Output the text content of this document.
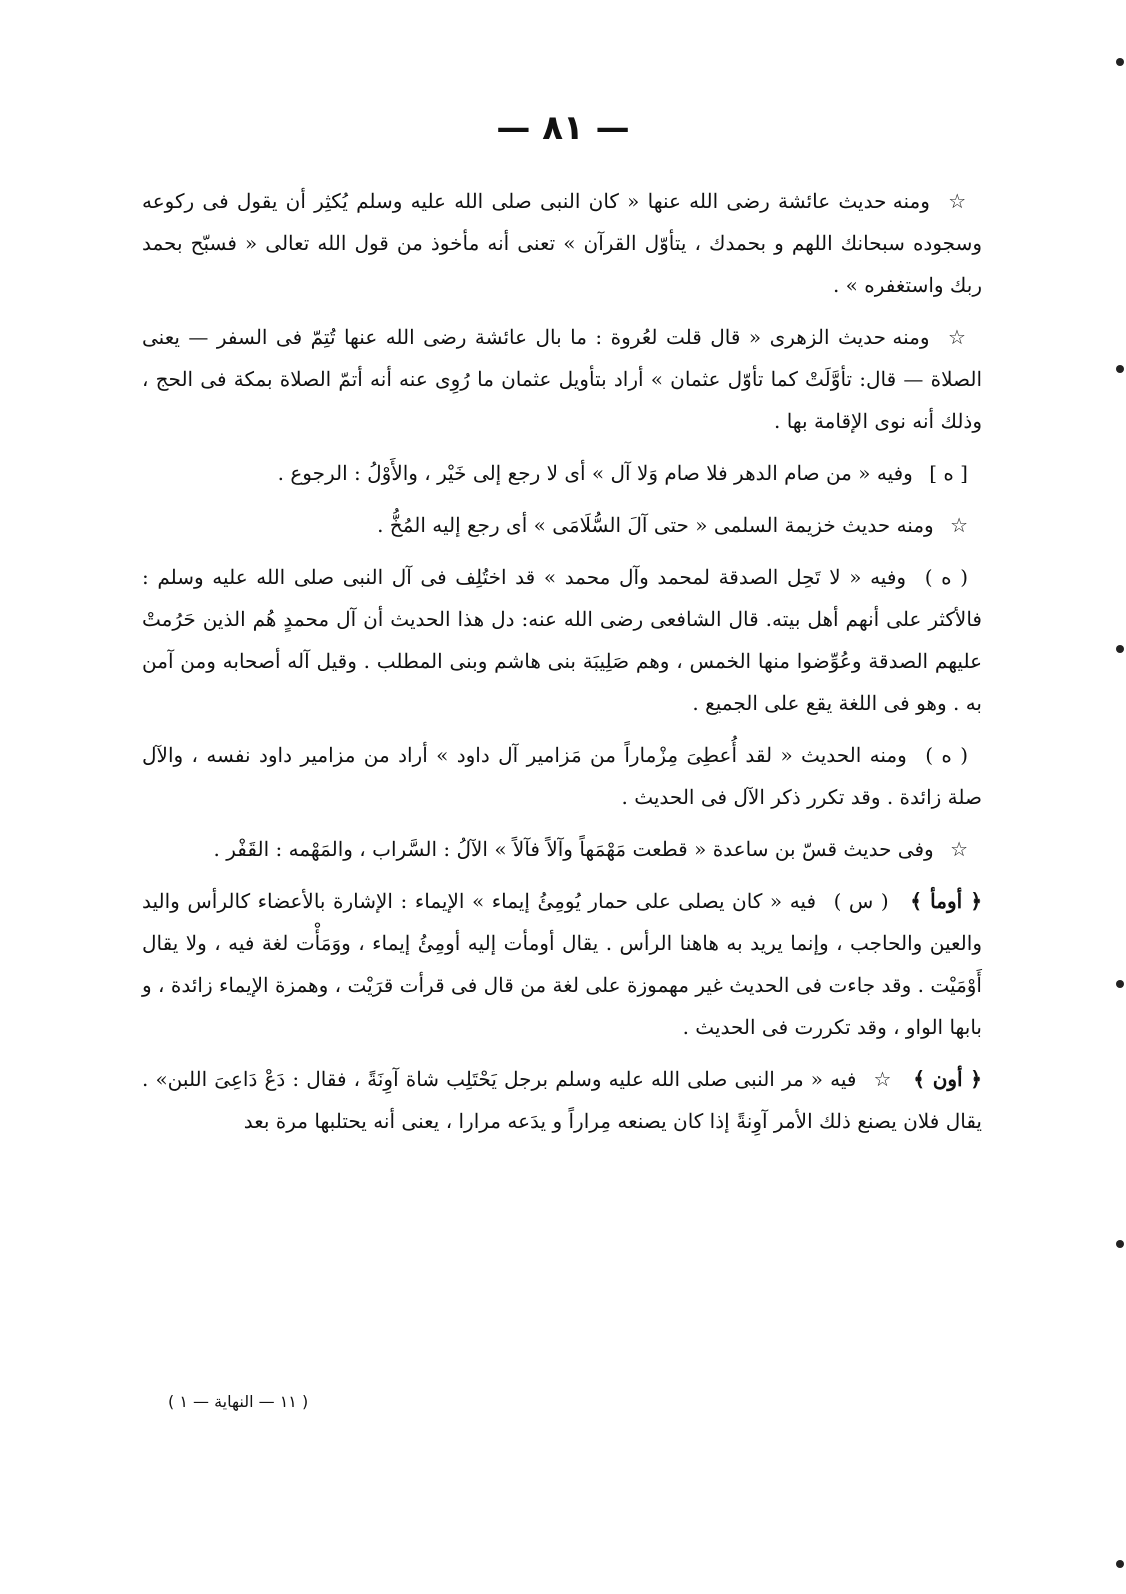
— ٨١ —

☆ ومنه حديث عائشة رضى الله عنها « كان النبى صلى الله عليه وسلم يُكثِر أن يقول فى ركوعه وسجوده سبحانك اللهم و بحمدك ، يتأوّل القرآن » تعنى أنه مأخوذ من قول الله تعالى « فسبّح بحمد ربك واستغفره » .

☆ ومنه حديث الزهرى « قال قلت لعُروة : ما بال عائشة رضى الله عنها تُتِمّ فى السفر — يعنى الصلاة — قال: تأوَّلَتْ كما تأوّل عثمان » أراد بتأويل عثمان ما رُوِى عنه أنه أتمّ الصلاة بمكة فى الحج ، وذلك أنه نوى الإقامة بها .

[ ه ] وفيه « من صام الدهر فلا صام وَلا آل » أى لا رجع إلى خَيْر ، والأَوْلُ : الرجوع .

☆ ومنه حديث خزيمة السلمى « حتى آلَ السُّلَامَى » أى رجع إليه المُخُّ .

( ه ) وفيه « لا تَحِل الصدقة لمحمد وآل محمد » قد اختُلِف فى آل النبى صلى الله عليه وسلم : فالأكثر على أنهم أهل بيته. قال الشافعى رضى الله عنه: دل هذا الحديث أن آل محمدٍ هُم الذين حَرُمتْ عليهم الصدقة وعُوِّضوا منها الخمس ، وهم صَلِيبَة بنى هاشم وبنى المطلب . وقيل آله أصحابه ومن آمن به . وهو فى اللغة يقع على الجميع .

( ه ) ومنه الحديث « لقد أُعطِىَ مِزْماراً من مَزامير آل داود » أراد من مزامير داود نفسه ، والآل صلة زائدة . وقد تكرر ذكر الآل فى الحديث .

☆ وفى حديث قسّ بن ساعدة « قطعت مَهْمَهاً وآلاً فآلاً » الآلُ : السَّراب ، والمَهْمه : القَفْر .

﴿ أومأ ﴾ ( س ) فيه « كان يصلى على حمار يُومِئُ إيماء » الإيماء : الإشارة بالأعضاء كالرأس واليد والعين والحاجب ، وإنما يريد به هاهنا الرأس . يقال أومأت إليه أومِئُ إيماء ، ووَمَأْت لغة فيه ، ولا يقال أَوْمَيْت . وقد جاءت فى الحديث غير مهموزة على لغة من قال فى قرأت قرَيْت ، وهمزة الإيماء زائدة ، و بابها الواو ، وقد تكررت فى الحديث .

﴿ أون ﴾ ☆ فيه « مر النبى صلى الله عليه وسلم برجل يَحْتَلِب شاة آوِنَةً ، فقال : دَعْ دَاعِىَ اللبن» . يقال فلان يصنع ذلك الأمر آوِنةً إذا كان يصنعه مِراراً و يدَعه مرارا ، يعنى أنه يحتلبها مرة بعد

( ١١ — النهاية — ١ )
